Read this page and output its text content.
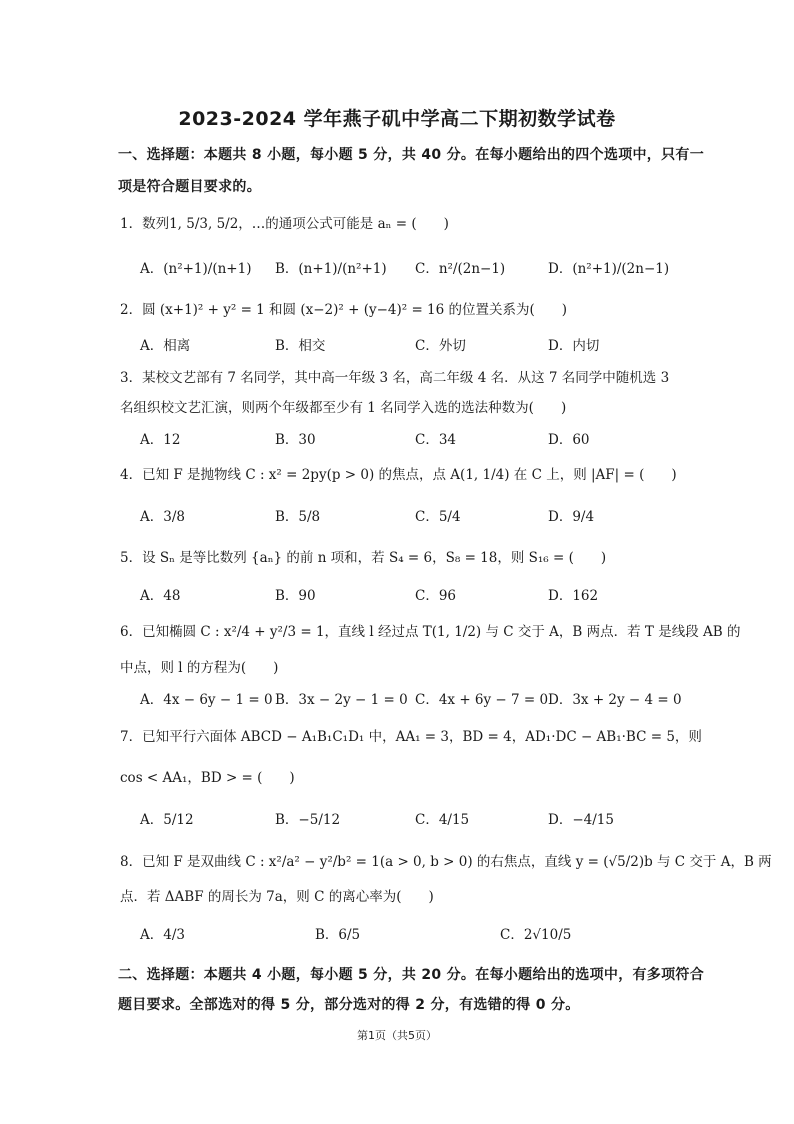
2023-2024 学年燕子矶中学高二下期初数学试卷
一、选择题：本题共 8 小题，每小题 5 分，共 40 分。在每小题给出的四个选项中，只有一
项是符合题目要求的。
1．数列1, 5/3, 5/2，…的通项公式可能是 aₙ = (　　)
A．(n²+1)/(n+1) B．(n+1)/(n²+1) C．n²/(2n−1)	D．(n²+1)/(2n−1)
2．圆 (x+1)² + y² = 1 和圆 (x−2)² + (y−4)² = 16 的位置关系为(　　)
A．相离	B．相交	C．外切	D．内切
3．某校文艺部有 7 名同学，其中高一年级 3 名，高二年级 4 名．从这 7 名同学中随机选 3
名组织校文艺汇演，则两个年级都至少有 1 名同学入选的选法种数为(　　)
A．12	B．30	C．34	D．60
4．已知 F 是抛物线 C : x² = 2py(p > 0) 的焦点，点 A(1, 1/4) 在 C 上，则 |AF| = (　　)
A．3/8	B．5/8	C．5/4	D．9/4
5．设 Sₙ 是等比数列 {aₙ} 的前 n 项和，若 S₄ = 6，S₈ = 18，则 S₁₆ = (　　)
A．48	B．90	C．96	D．162
6．已知椭圆 C : x²/4 + y²/3 = 1，直线 l 经过点 T(1, 1/2) 与 C 交于 A，B 两点．若 T 是线段 AB 的
中点，则 l 的方程为(　　)
A．4x − 6y − 1 = 0 B．3x − 2y − 1 = 0 C．4x + 6y − 7 = 0 D．3x + 2y − 4 = 0
7．已知平行六面体 ABCD − A₁B₁C₁D₁ 中，AA₁ = 3，BD = 4，AD₁·DC − AB₁·BC = 5，则
cos < AA₁，BD > = (　　)
A．5/12	B．−5/12	C．4/15	D．−4/15
8．已知 F 是双曲线 C : x²/a² − y²/b² = 1(a > 0, b > 0) 的右焦点，直线 y = (√5/2)b 与 C 交于 A，B 两
点．若 ΔABF 的周长为 7a，则 C 的离心率为(　　)
A．4/3	B．6/5	C．2√10/5
二、选择题：本题共 4 小题，每小题 5 分，共 20 分。在每小题给出的选项中，有多项符合
题目要求。全部选对的得 5 分，部分选对的得 2 分，有选错的得 0 分。
第1页（共5页）
